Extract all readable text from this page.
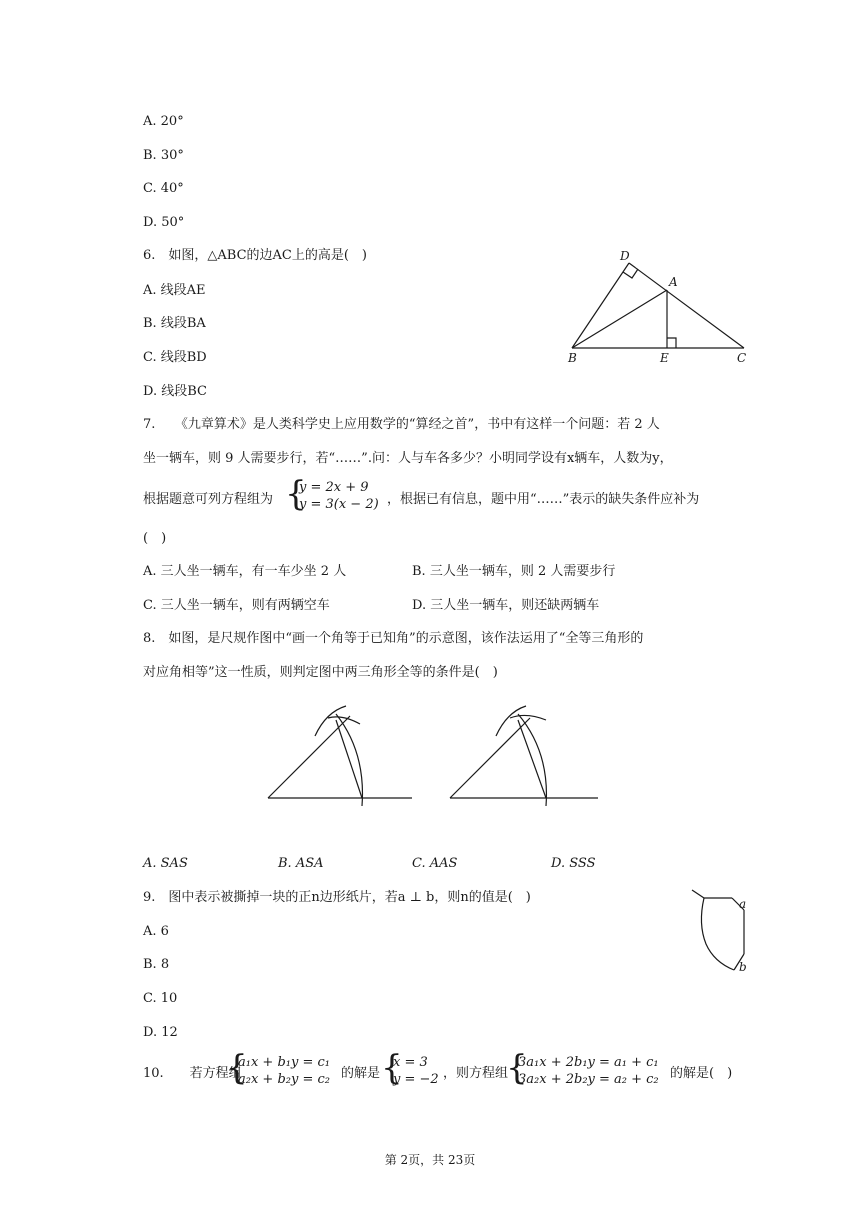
A. 20°
B. 30°
C. 40°
D. 50°
6. 如图，△ABC的边AC上的高是( )
A. 线段AE
B. 线段BA
C. 线段BD
D. 线段BC
D
A
B	E	C
7. 　《九章算术》是人类科学史上应用数学的“算经之首”，书中有这样一个问题：若 2 人
坐一辆车，则 9 人需要步行，若“……”.问：人与车各多少？小明同学设有x辆车，人数为y，
根据题意可列方程组为 {
y = 2x + 9
y = 3(x − 2) ，根据已有信息，题中用“……”表示的缺失条件应补为
( )
A. 三人坐一辆车，有一车少坐 2 人	B. 三人坐一辆车，则 2 人需要步行
C. 三人坐一辆车，则有两辆空车	D. 三人坐一辆车，则还缺两辆车
8. 如图，是尺规作图中“画一个角等于已知角”的示意图，该作法运用了“全等三角形的
对应角相等”这一性质，则判定图中两三角形全等的条件是( )
A. SAS	B. ASA	C. AAS	D. SSS
9. 图中表示被撕掉一块的正n边形纸片，若a ⊥ b，则n的值是( )
A. 6
B. 8
C. 10
D. 12
a
b
10.  若方程组
{
a₁x + b₁y = c₁
a₂x + b₂y = c₂ 的解是 {
x = 3
y = −2 ，则方程组
{
3a₁x + 2b₁y = a₁ + c₁
3a₂x + 2b₂y = a₂ + c₂ 的解是( )
第 2页，共 23页
